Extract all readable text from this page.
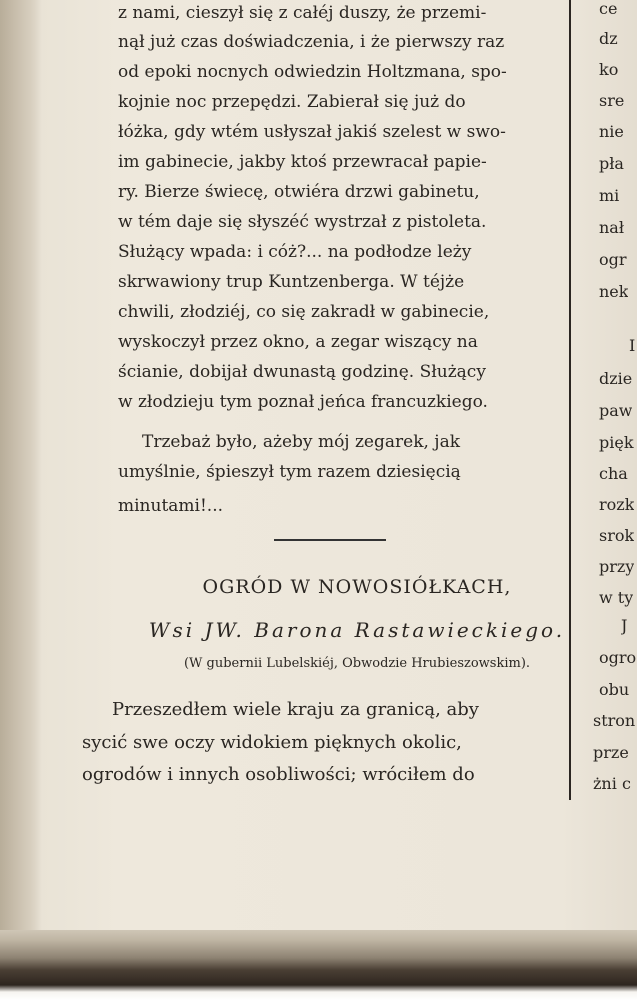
z nami, cieszył się z całéj duszy, że przemi-
nął już czas doświadczenia, i że pierwszy raz
od epoki nocnych odwiedzin Holtzmana, spo-
kojnie noc przepędzi. Zabierał się już do
łóżka, gdy wtém usłyszał jakiś szelest w swo-
im gabinecie, jakby ktoś przewracał papie-
ry. Bierze świecę, otwiéra drzwi gabinetu,
w tém daje się słyszéć wystrzał z pistoleta.
Służący wpada: i cóż?... na podłodze leży
skrwawiony trup Kuntzenberga. W téjże
chwili, złodziéj, co się zakradł w gabinecie,
wyskoczył przez okno, a zegar wiszący na
ścianie, dobijał dwunastą godzinę. Służący
w złodzieju tym poznał jeńca francuzkiego.
Trzebaż było, ażeby mój zegarek, jak
umyślnie, śpieszył tym razem dziesięcią
minutami!...
OGRÓD W NOWOSIÓŁKACH,
Wsi JW. Barona Rastawieckiego.
(W gubernii Lubelskiéj, Obwodzie Hrubieszowskim).
Przeszedłem wiele kraju za granicą, aby
sycić swe oczy widokiem pięknych okolic,
ogrodów i innych osobliwości; wróciłem do
ce
dz
ko
sre
nie
pła
mi
nał
ogr
nek
I
dzie
paw
pięk
cha
rozk
srok
przy
w ty
J
ogro
obu
stron
prze
żni c
